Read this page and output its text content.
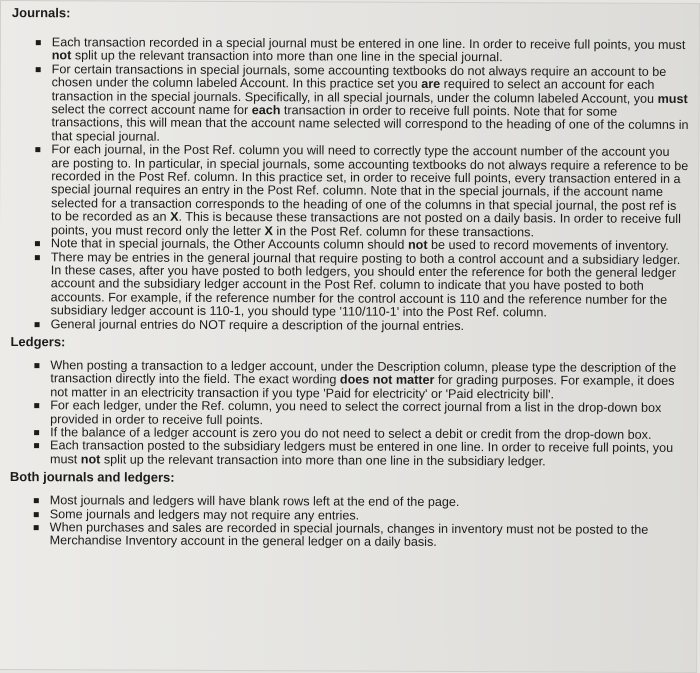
Journals:
Each transaction recorded in a special journal must be entered in one line. In order to receive full points, you must not split up the relevant transaction into more than one line in the special journal.
For certain transactions in special journals, some accounting textbooks do not always require an account to be chosen under the column labeled Account. In this practice set you are required to select an account for each transaction in the special journals. Specifically, in all special journals, under the column labeled Account, you must select the correct account name for each transaction in order to receive full points. Note that for some transactions, this will mean that the account name selected will correspond to the heading of one of the columns in that special journal.
For each journal, in the Post Ref. column you will need to correctly type the account number of the account you are posting to. In particular, in special journals, some accounting textbooks do not always require a reference to be recorded in the Post Ref. column. In this practice set, in order to receive full points, every transaction entered in a special journal requires an entry in the Post Ref. column. Note that in the special journals, if the account name selected for a transaction corresponds to the heading of one of the columns in that special journal, the post ref is to be recorded as an X. This is because these transactions are not posted on a daily basis. In order to receive full points, you must record only the letter X in the Post Ref. column for these transactions.
Note that in special journals, the Other Accounts column should not be used to record movements of inventory.
There may be entries in the general journal that require posting to both a control account and a subsidiary ledger. In these cases, after you have posted to both ledgers, you should enter the reference for both the general ledger account and the subsidiary ledger account in the Post Ref. column to indicate that you have posted to both accounts. For example, if the reference number for the control account is 110 and the reference number for the subsidiary ledger account is 110-1, you should type '110/110-1' into the Post Ref. column.
General journal entries do NOT require a description of the journal entries.
Ledgers:
When posting a transaction to a ledger account, under the Description column, please type the description of the transaction directly into the field. The exact wording does not matter for grading purposes. For example, it does not matter in an electricity transaction if you type 'Paid for electricity' or 'Paid electricity bill'.
For each ledger, under the Ref. column, you need to select the correct journal from a list in the drop-down box provided in order to receive full points.
If the balance of a ledger account is zero you do not need to select a debit or credit from the drop-down box.
Each transaction posted to the subsidiary ledgers must be entered in one line. In order to receive full points, you must not split up the relevant transaction into more than one line in the subsidiary ledger.
Both journals and ledgers:
Most journals and ledgers will have blank rows left at the end of the page.
Some journals and ledgers may not require any entries.
When purchases and sales are recorded in special journals, changes in inventory must not be posted to the Merchandise Inventory account in the general ledger on a daily basis.
